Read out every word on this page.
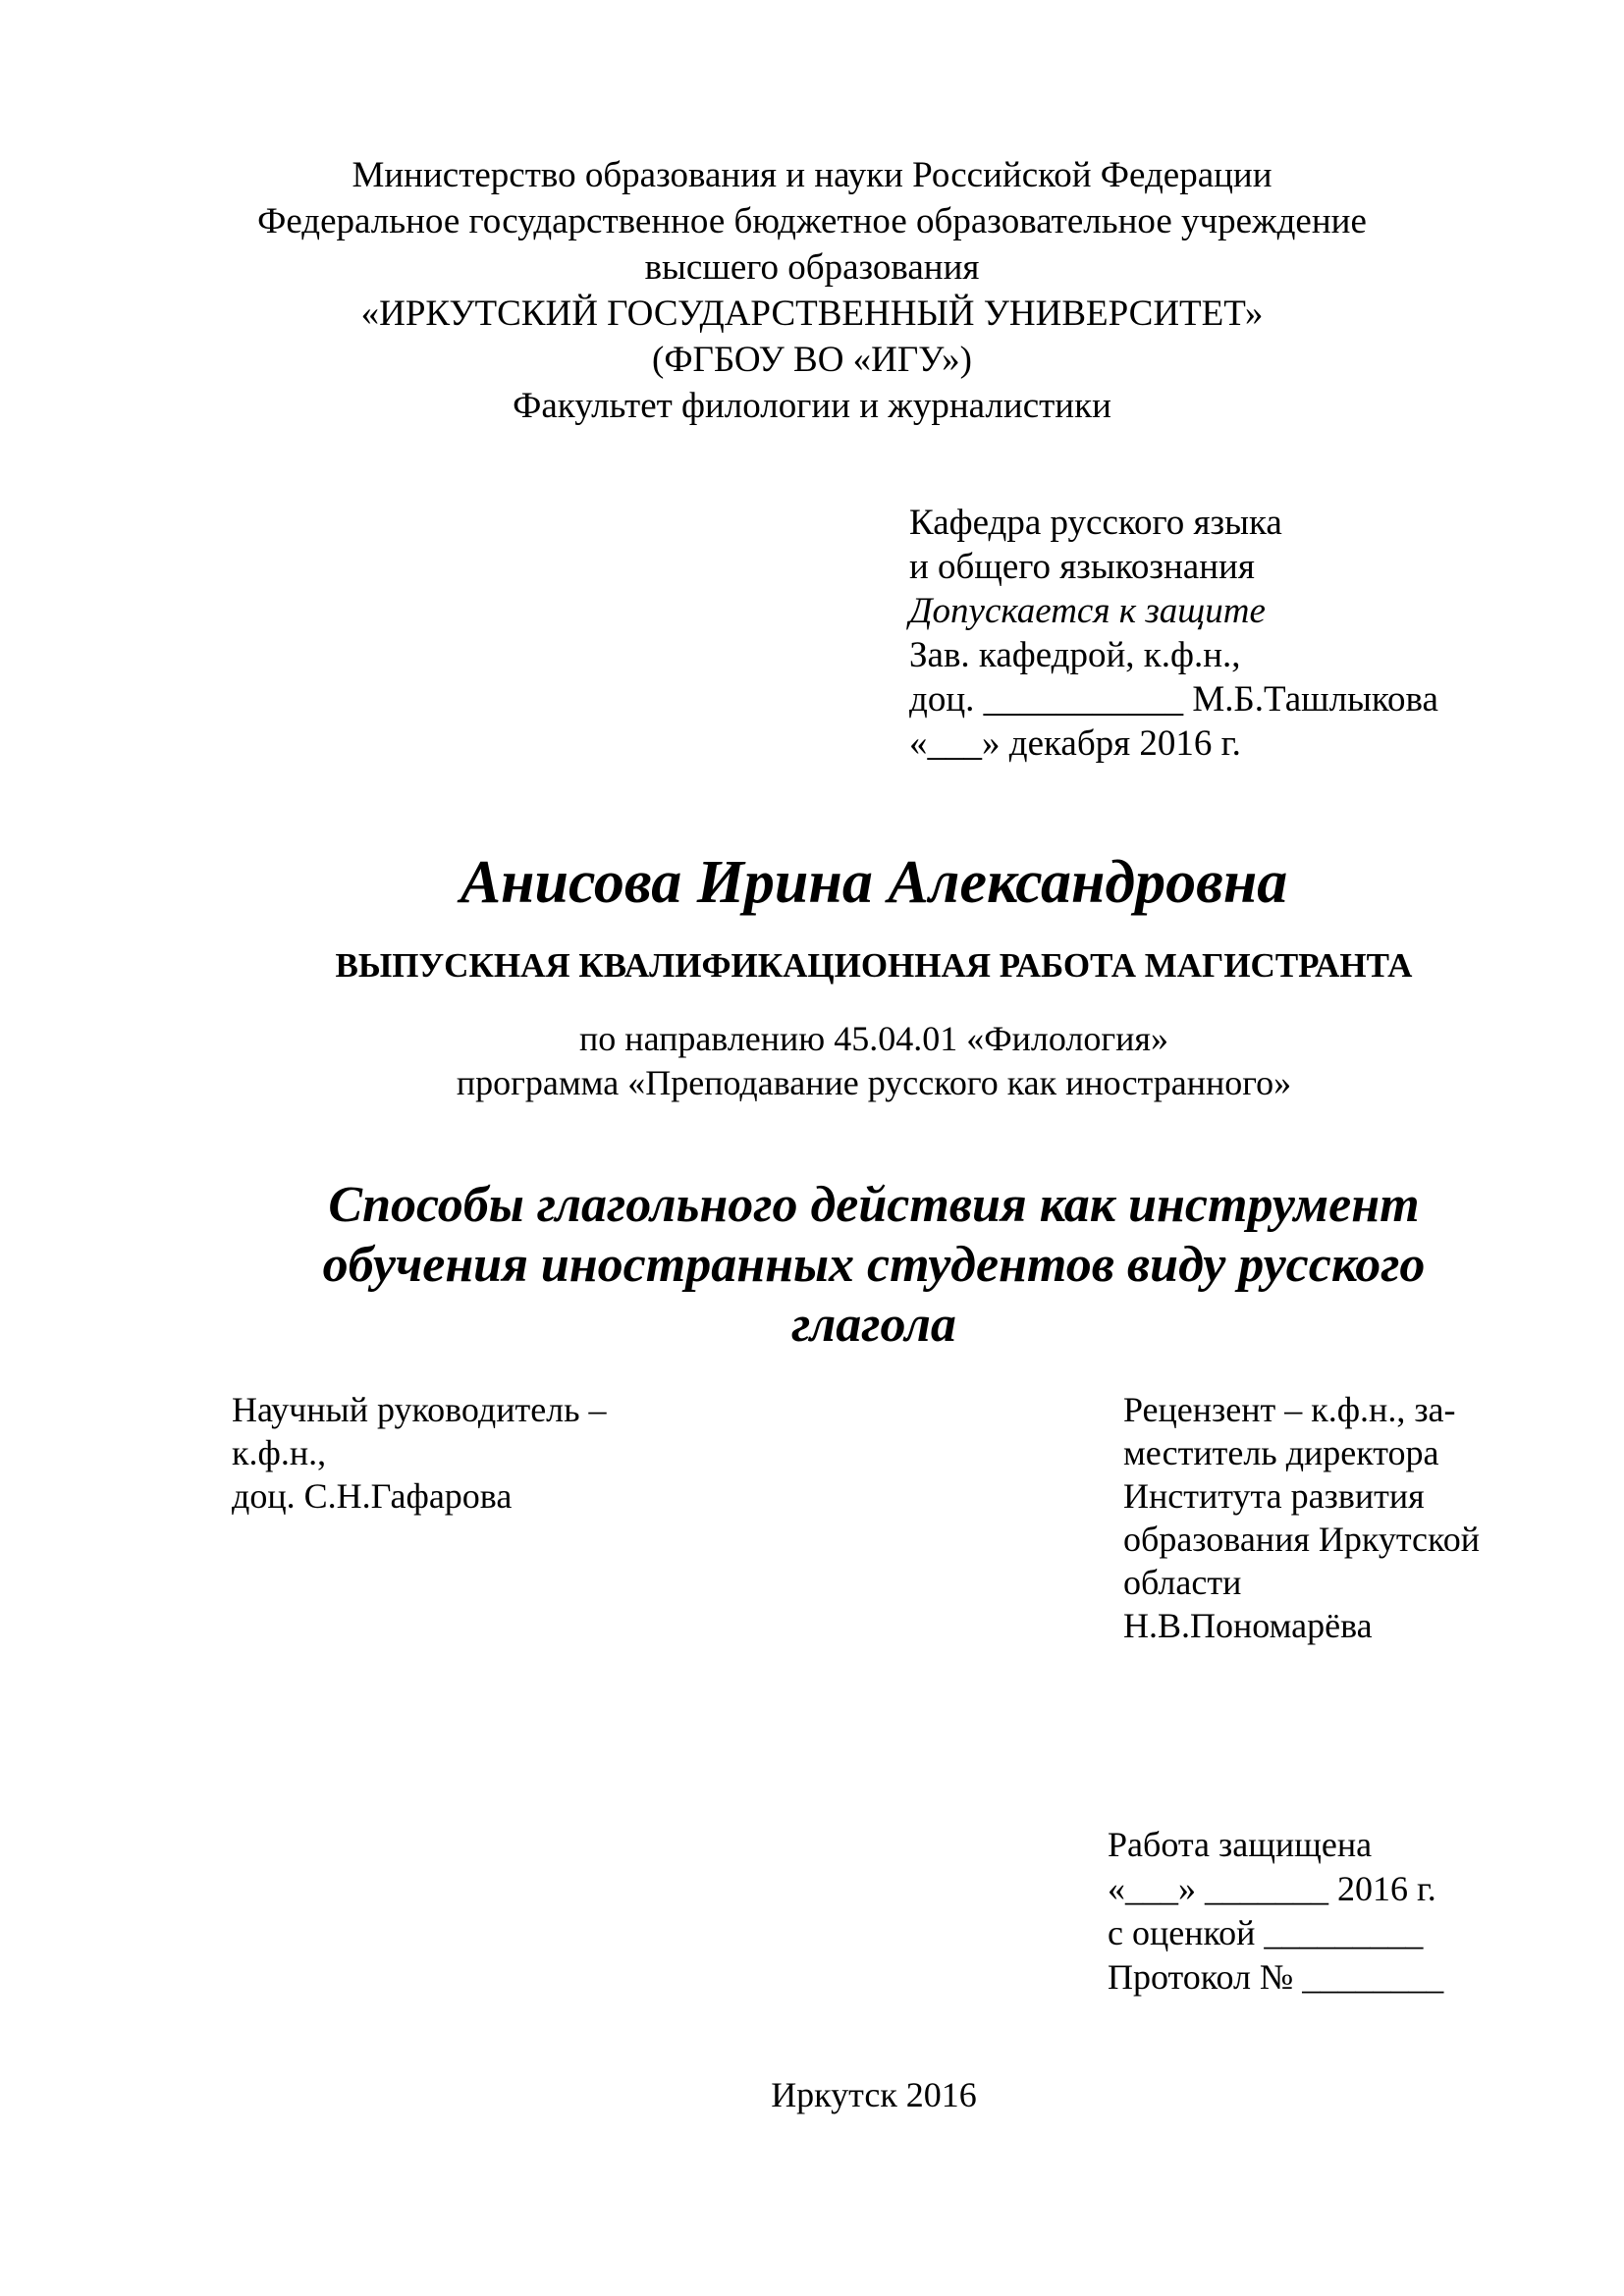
Министерство образования и науки Российской Федерации
Федеральное государственное бюджетное образовательное учреждение
высшего образования
«ИРКУТСКИЙ ГОСУДАРСТВЕННЫЙ УНИВЕРСИТЕТ»
(ФГБОУ ВО «ИГУ»)
Факультет филологии и журналистики
Кафедра русского языка
и общего языкознания
Допускается к защите
Зав. кафедрой, к.ф.н.,
доц. ___________ М.Б.Ташлыкова
«___» декабря 2016 г.
Анисова Ирина Александровна
ВЫПУСКНАЯ КВАЛИФИКАЦИОННАЯ РАБОТА МАГИСТРАНТА
по направлению 45.04.01 «Филология»
программа «Преподавание русского как иностранного»
Способы глагольного действия как инструмент
обучения иностранных студентов виду русского
глагола
Научный руководитель –
к.ф.н.,
доц. С.Н.Гафарова
Рецензент – к.ф.н., за-
меститель директора
Института развития
образования Иркутской
области
Н.В.Пономарёва
Работа защищена
«___» _______ 2016 г.
с оценкой _________
Протокол № ________
Иркутск 2016
